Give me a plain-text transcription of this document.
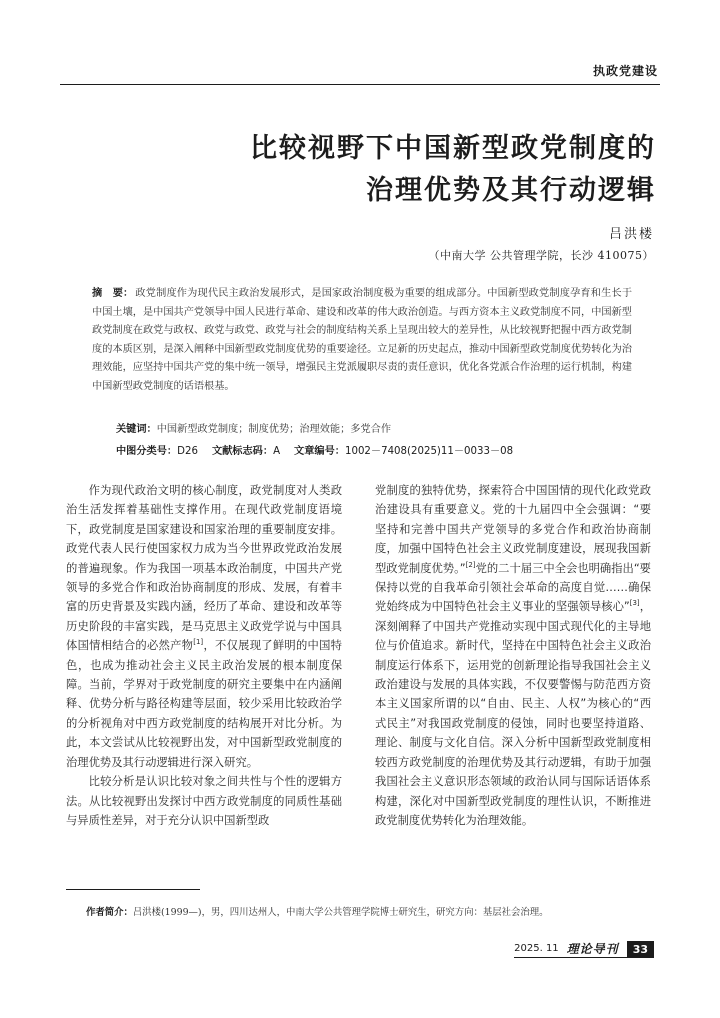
执政党建设
比较视野下中国新型政党制度的
治理优势及其行动逻辑
吕洪楼
（中南大学 公共管理学院，长沙 410075）
摘　要： 政党制度作为现代民主政治发展形式，是国家政治制度极为重要的组成部分。中国新型政党制度孕育和生长于中国土壤，是中国共产党领导中国人民进行革命、建设和改革的伟大政治创造。与西方资本主义政党制度不同，中国新型政党制度在政党与政权、政党与政党、政党与社会的制度结构关系上呈现出较大的差异性，从比较视野把握中西方政党制度的本质区别，是深入阐释中国新型政党制度优势的重要途径。立足新的历史起点，推动中国新型政党制度优势转化为治理效能，应坚持中国共产党的集中统一领导，增强民主党派履职尽责的责任意识，优化各党派合作治理的运行机制，构建中国新型政党制度的话语根基。
关键词：中国新型政党制度；制度优势；治理效能；多党合作
中图分类号：D26 文献标志码：A 文章编号：1002－7408(2025)11－0033－08

作为现代政治文明的核心制度，政党制度对人类政治生活发挥着基础性支撑作用。在现代政党制度语境下，政党制度是国家建设和国家治理的重要制度安排。政党代表人民行使国家权力成为当今世界政党政治发展的普遍现象。作为我国一项基本政治制度，中国共产党领导的多党合作和政治协商制度的形成、发展，有着丰富的历史背景及实践内涵，经历了革命、建设和改革等历史阶段的丰富实践，是马克思主义政党学说与中国具体国情相结合的必然产物[1]，不仅展现了鲜明的中国特色，也成为推动社会主义民主政治发展的根本制度保障。当前，学界对于政党制度的研究主要集中在内涵阐释、优势分析与路径构建等层面，较少采用比较政治学的分析视角对中西方政党制度的结构展开对比分析。为此，本文尝试从比较视野出发，对中国新型政党制度的治理优势及其行动逻辑进行深入研究。

比较分析是认识比较对象之间共性与个性的逻辑方法。从比较视野出发探讨中西方政党制度的同质性基础与异质性差异，对于充分认识中国新型政

党制度的独特优势，探索符合中国国情的现代化政党政治建设具有重要意义。党的十九届四中全会强调：“要坚持和完善中国共产党领导的多党合作和政治协商制度，加强中国特色社会主义政党制度建设，展现我国新型政党制度优势。”[2]党的二十届三中全会也明确指出“要保持以党的自我革命引领社会革命的高度自觉……确保党始终成为中国特色社会主义事业的坚强领导核心”[3]，深刻阐释了中国共产党推动实现中国式现代化的主导地位与价值追求。新时代，坚持在中国特色社会主义政治制度运行体系下，运用党的创新理论指导我国社会主义政治建设与发展的具体实践，不仅要警惕与防范西方资本主义国家所谓的以“自由、民主、人权”为核心的“西式民主”对我国政党制度的侵蚀，同时也要坚持道路、理论、制度与文化自信。深入分析中国新型政党制度相较西方政党制度的治理优势及其行动逻辑，有助于加强我国社会主义意识形态领域的政治认同与国际话语体系构建，深化对中国新型政党制度的理性认识，不断推进政党制度优势转化为治理效能。

作者简介：吕洪楼(1999—)，男，四川达州人，中南大学公共管理学院博士研究生，研究方向：基层社会治理。
2025. 11 理论导刊	33
